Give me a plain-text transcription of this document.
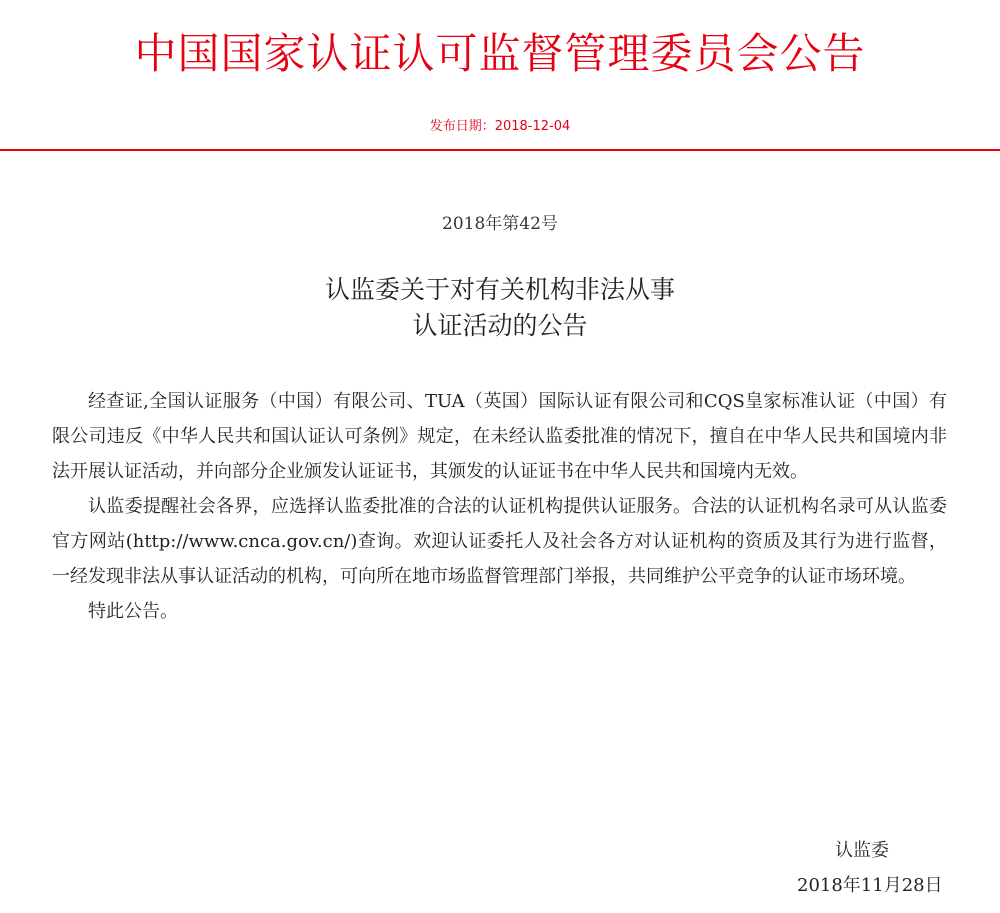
中国国家认证认可监督管理委员会公告
发布日期：2018-12-04
2018年第42号
认监委关于对有关机构非法从事
认证活动的公告

经查证,全国认证服务（中国）有限公司、TUA（英国）国际认证有限公司和CQS皇家标准认证（中国）有限公司违反《中华人民共和国认证认可条例》规定，在未经认监委批准的情况下，擅自在中华人民共和国境内非法开展认证活动，并向部分企业颁发认证证书，其颁发的认证证书在中华人民共和国境内无效。

认监委提醒社会各界，应选择认监委批准的合法的认证机构提供认证服务。合法的认证机构名录可从认监委官方网站(http://www.cnca.gov.cn/)查询。欢迎认证委托人及社会各方对认证机构的资质及其行为进行监督，一经发现非法从事认证活动的机构，可向所在地市场监督管理部门举报，共同维护公平竞争的认证市场环境。

特此公告。

认监委
2018年11月28日
